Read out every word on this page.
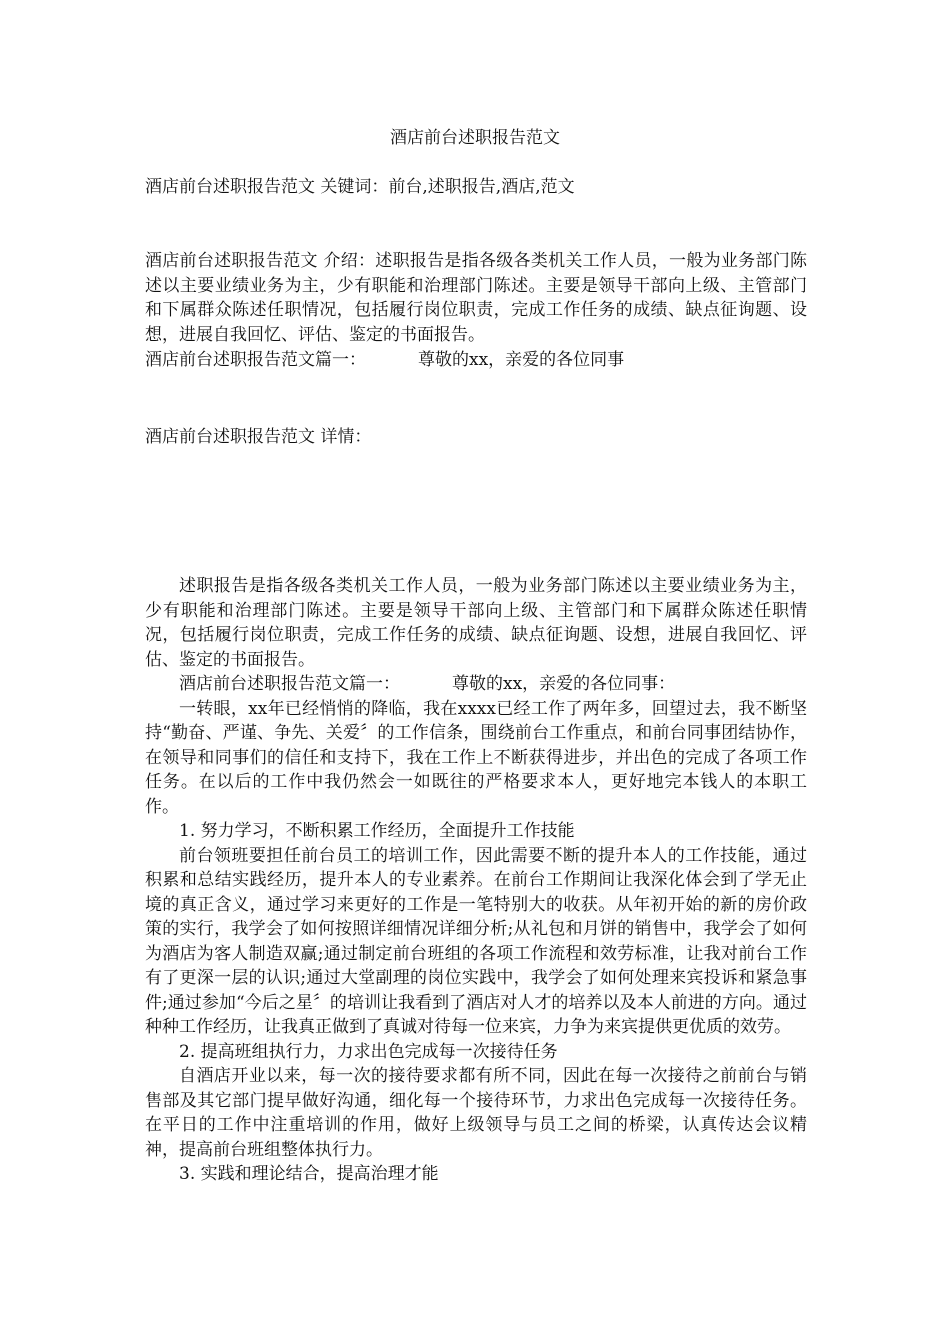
酒店前台述职报告范文
酒店前台述职报告范文 关键词：前台,述职报告,酒店,范文
酒店前台述职报告范文 介绍：述职报告是指各级各类机关工作人员，一般为业务部门陈述以主要业绩业务为主，少有职能和治理部门陈述。主要是领导干部向上级、主管部门和下属群众陈述任职情况，包括履行岗位职责，完成工作任务的成绩、缺点征询题、设想，进展自我回忆、评估、鉴定的书面报告。
酒店前台述职报告范文篇一：	尊敬的xx，亲爱的各位同事
酒店前台述职报告范文 详情：

述职报告是指各级各类机关工作人员，一般为业务部门陈述以主要业绩业务为主，少有职能和治理部门陈述。主要是领导干部向上级、主管部门和下属群众陈述任职情况，包括履行岗位职责，完成工作任务的成绩、缺点征询题、设想，进展自我回忆、评估、鉴定的书面报告。

酒店前台述职报告范文篇一：	尊敬的xx，亲爱的各位同事：

一转眼，xx年已经悄悄的降临，我在xxxx已经工作了两年多，回望过去，我不断坚持“勤奋、严谨、争先、关爱〞的工作信条，围绕前台工作重点，和前台同事团结协作，在领导和同事们的信任和支持下，我在工作上不断获得进步，并出色的完成了各项工作任务。在以后的工作中我仍然会一如既往的严格要求本人，更好地完本钱人的本职工作。

1. 努力学习，不断积累工作经历，全面提升工作技能

前台领班要担任前台员工的培训工作，因此需要不断的提升本人的工作技能，通过积累和总结实践经历，提升本人的专业素养。在前台工作期间让我深化体会到了学无止境的真正含义，通过学习来更好的工作是一笔特别大的收获。从年初开始的新的房价政策的实行，我学会了如何按照详细情况详细分析;从礼包和月饼的销售中，我学会了如何为酒店为客人制造双赢;通过制定前台班组的各项工作流程和效劳标准，让我对前台工作有了更深一层的认识;通过大堂副理的岗位实践中，我学会了如何处理来宾投诉和紧急事件;通过参加“今后之星〞的培训让我看到了酒店对人才的培养以及本人前进的方向。通过种种工作经历，让我真正做到了真诚对待每一位来宾，力争为来宾提供更优质的效劳。

2. 提高班组执行力，力求出色完成每一次接待任务

自酒店开业以来，每一次的接待要求都有所不同，因此在每一次接待之前前台与销售部及其它部门提早做好沟通，细化每一个接待环节，力求出色完成每一次接待任务。在平日的工作中注重培训的作用，做好上级领导与员工之间的桥梁，认真传达会议精神，提高前台班组整体执行力。

3. 实践和理论结合，提高治理才能
